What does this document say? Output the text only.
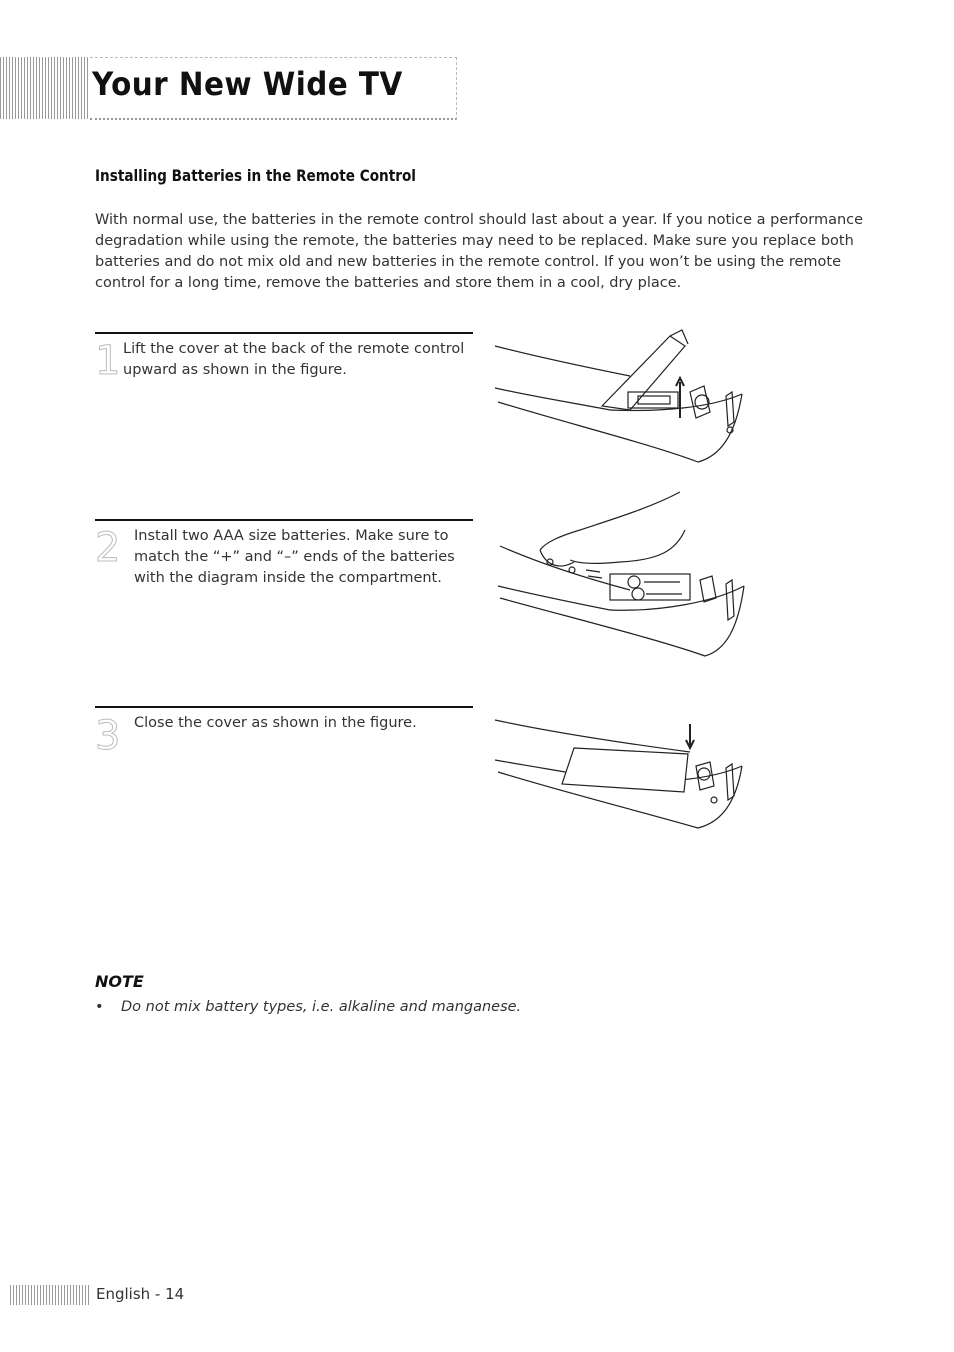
Your New Wide TV
Installing Batteries in the Remote Control

With normal use, the batteries in the remote control should last about a year. If you notice a performance degradation while using the remote, the batteries may need to be replaced. Make sure you replace both batteries and do not mix old and new batteries in the remote control. If you won’t be using the remote control for a long time, remove the batteries and store them in a cool, dry place.

1 Lift the cover at the back of the remote control upward as shown in the figure.

2 Install two AAA size batteries. Make sure to match the “+” and “–” ends of the batteries with the diagram inside the compartment.

3 Close the cover as shown in the figure.

NOTE

• Do not mix battery types, i.e. alkaline and manganese.

English - 14
